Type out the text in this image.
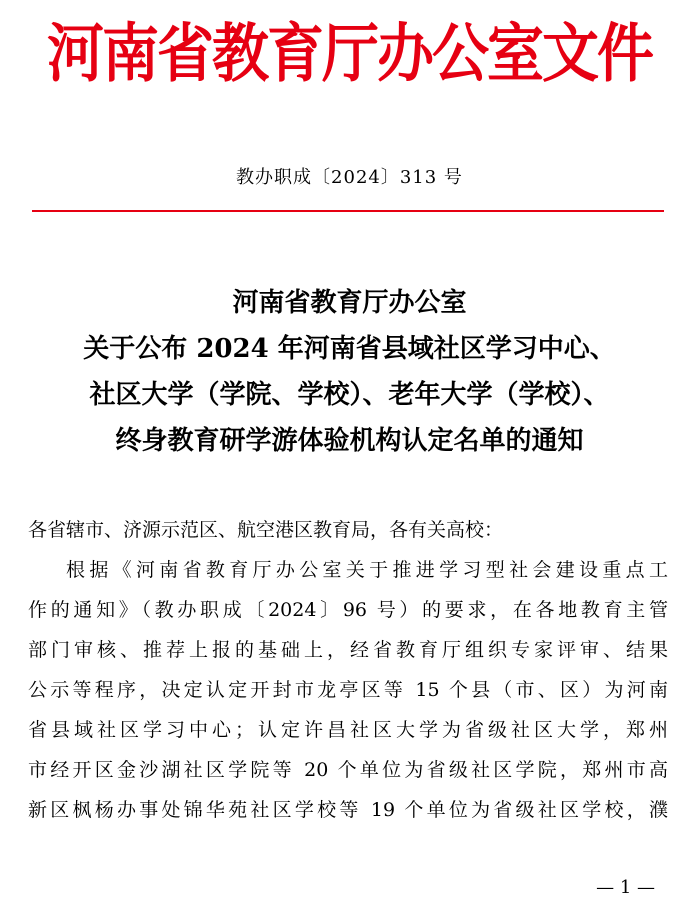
河南省教育厅办公室文件
教办职成〔2024〕313 号
河南省教育厅办公室
关于公布 2024 年河南省县域社区学习中心、
社区大学（学院、学校）、老年大学（学校）、
终身教育研学游体验机构认定名单的通知
各省辖市、济源示范区、航空港区教育局，各有关高校：
根据《河南省教育厅办公室关于推进学习型社会建设重点工
作的通知》（教办职成〔2024〕96 号）的要求，在各地教育主管
部门审核、推荐上报的基础上，经省教育厅组织专家评审、结果
公示等程序，决定认定开封市龙亭区等 15 个县（市、区）为河南
省县域社区学习中心；认定许昌社区大学为省级社区大学，郑州
市经开区金沙湖社区学院等 20 个单位为省级社区学院，郑州市高
新区枫杨办事处锦华苑社区学校等 19 个单位为省级社区学校，濮
— 1 —
